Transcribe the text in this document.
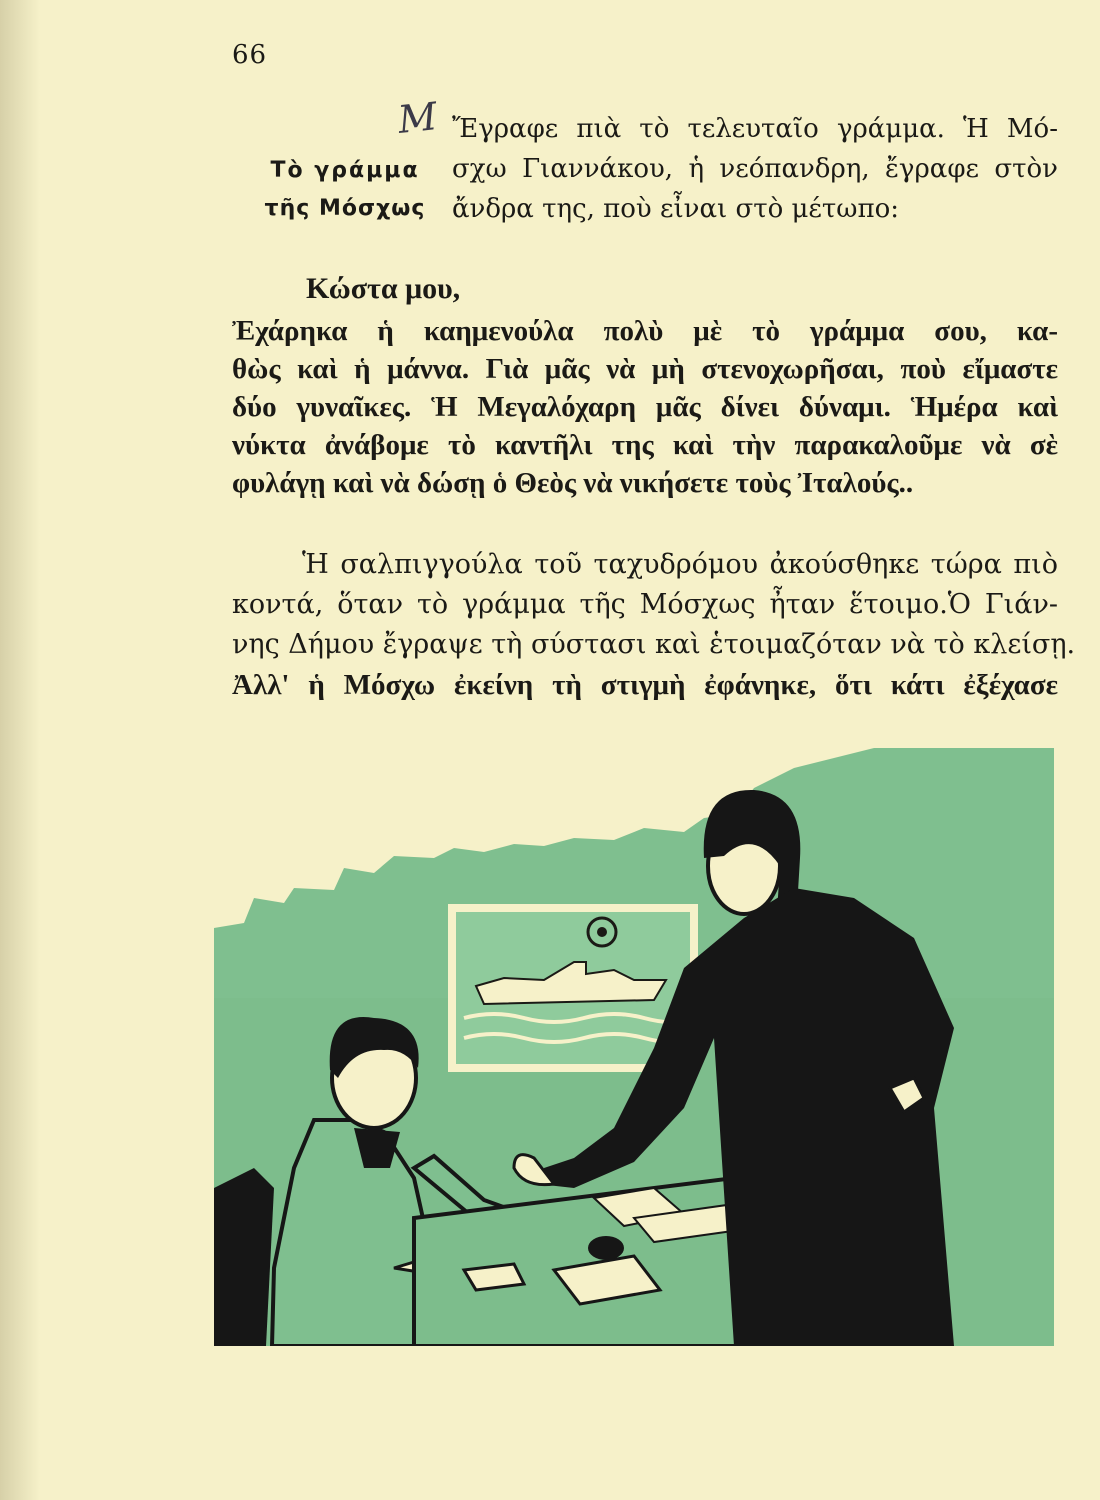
66
M
Τὸ γράμμα
τῆς Μόσχως
Ἔγραφε πιὰ τὸ τελευταῖο γράμμα. Ἡ Μό-
σχω Γιαννάκου, ἡ νεόπανδρη, ἔγραφε στὸν
ἄνδρα της, ποὺ εἶναι στὸ μέτωπο:
Κώστα μου,
Ἐχάρηκα ἡ καημενούλα πολὺ μὲ τὸ γράμμα σου, κα-
θὼς καὶ ἡ μάννα. Γιὰ μᾶς νὰ μὴ στενοχωρῆσαι, ποὺ εἴμαστε
δύο γυναῖκες. Ἡ Μεγαλόχαρη μᾶς δίνει δύναμι. Ἡμέρα καὶ
νύκτα ἀνάβομε τὸ καντῆλι της καὶ τὴν παρακαλοῦμε νὰ σὲ
φυλάγῃ καὶ νὰ δώσῃ ὁ Θεὸς νὰ νικήσετε τοὺς Ἰταλούς..
Ἡ σαλπιγγούλα τοῦ ταχυδρόμου ἀκούσθηκε τώρα πιὸ
κοντά, ὅταν τὸ γράμμα τῆς Μόσχως ἦταν ἕτοιμο.Ὁ Γιάν-
νης Δήμου ἔγραψε τὴ σύστασι καὶ ἑτοιμαζόταν νὰ τὸ κλείσῃ.
Ἀλλ' ἡ Μόσχω ἐκείνη τὴ στιγμὴ ἐφάνηκε, ὅτι κάτι ἐξέχασε
